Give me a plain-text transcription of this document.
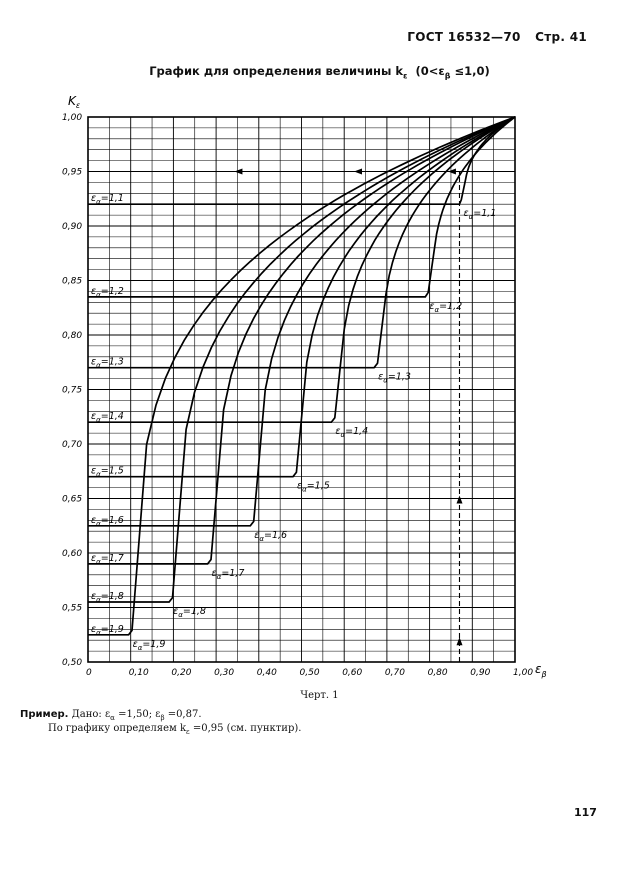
ГОСТ 16532—70 Стр. 41
График для определения величины $k_\varepsilon$ $(0<\varepsilon_\beta \le 1,0)$
0	0,10	0,20	0,30	0,40	0,50	0,60	0,70	0,80	0,90	1,00
0,50
0,55
0,60
0,65
0,70
0,75
0,80
0,85
0,90
0,95
1,00
$\varepsilon_\alpha=1,1$
$\varepsilon_\alpha=1,1$
$\varepsilon_\alpha=1,2$
$\varepsilon_\alpha=1,2$
$\varepsilon_\alpha=1,3$
$\varepsilon_\alpha=1,3$
$\varepsilon_\alpha=1,4$
$\varepsilon_\alpha=1,4$
$\varepsilon_\alpha=1,5$
$\varepsilon_\alpha=1,5$
$\varepsilon_\alpha=1,6$
$\varepsilon_\alpha=1,6$
$\varepsilon_\alpha=1,7$
$\varepsilon_\alpha=1,7$
$\varepsilon_\alpha=1,8$
$\varepsilon_\alpha=1,8$
$\varepsilon_\alpha=1,9$
$\varepsilon_\alpha=1,9$
$K_\varepsilon$
$\varepsilon_\beta$
Черт. 1
Пример. Дано: $\varepsilon_\alpha =1,50$; $\varepsilon_\beta =0,87$.
По графику определяем $k_\varepsilon =0,95$ (см. пунктир).
117
